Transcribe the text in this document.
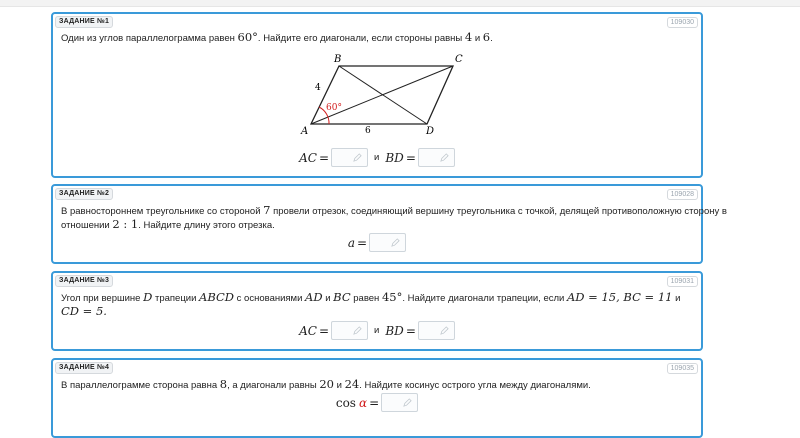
ЗАДАНИЕ №1	109030
Один из углов параллелограмма равен 60°. Найдите его диагонали, если стороны равны 4 и 6.
60°
B	C
A	D
4
6
AC =	и BD =
ЗАДАНИЕ №2	109028
В равностороннем треугольнике со стороной 7 провели отрезок, соединяющий вершину треугольника с точкой, делящей противоположную сторону в
отношении 2 : 1. Найдите длину этого отрезка.
a =
ЗАДАНИЕ №3	109031
Угол при вершине D трапеции ABCD с основаниями AD и BC равен 45°. Найдите диагонали трапеции, если AD = 15, BC = 11 и
CD = 5.
AC =	и BD =
ЗАДАНИЕ №4	109035
В параллелограмме сторона равна 8, а диагонали равны 20 и 24. Найдите косинус острого угла между диагоналями.
cos α =
